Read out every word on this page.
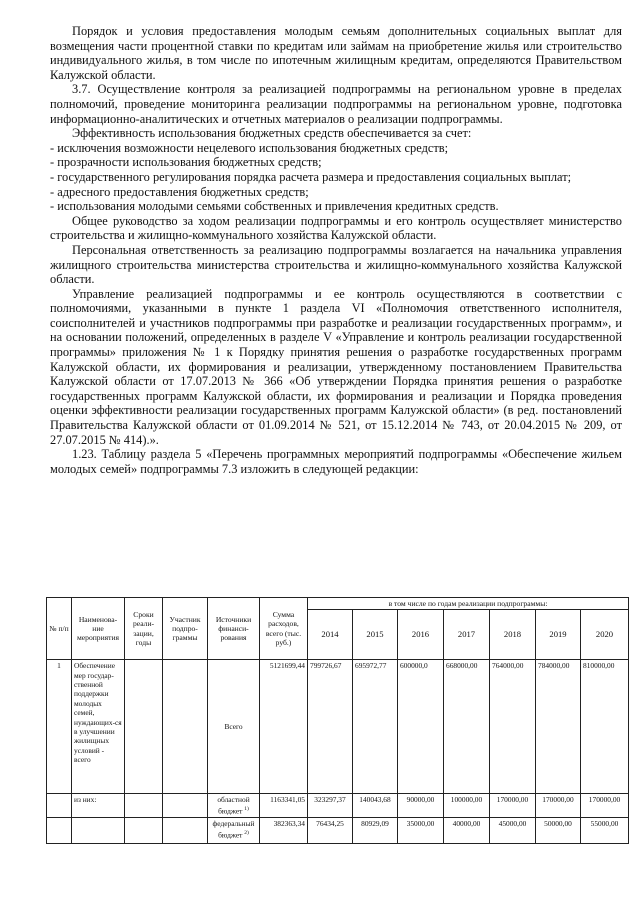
Порядок и условия предоставления молодым семьям дополнительных социальных выплат для возмещения части процентной ставки по кредитам или займам на приобретение жилья или строительство индивидуального жилья, в том числе по ипотечным жилищным кредитам, определяются Правительством Калужской области.

3.7. Осуществление контроля за реализацией подпрограммы на региональном уровне в пределах полномочий, проведение мониторинга реализации подпрограммы на региональном уровне, подготовка информационно-аналитических и отчетных материалов о реализации подпрограммы.

Эффективность использования бюджетных средств обеспечивается за счет:

- исключения возможности нецелевого использования бюджетных средств;

- прозрачности использования бюджетных средств;

- государственного регулирования порядка расчета размера и предоставления социальных выплат;

- адресного предоставления бюджетных средств;

- использования молодыми семьями собственных и привлечения кредитных средств.

Общее руководство за ходом реализации подпрограммы и его контроль осуществляет министерство строительства и жилищно-коммунального хозяйства Калужской области.

Персональная ответственность за реализацию подпрограммы возлагается на начальника управления жилищного строительства министерства строительства и жилищно-коммунального хозяйства Калужской области.

Управление реализацией подпрограммы и ее контроль осуществляются в соответствии с полномочиями, указанными в пункте 1 раздела VI «Полномочия ответственного исполнителя, соисполнителей и участников подпрограммы при разработке и реализации государственных программ», и на основании положений, определенных в разделе V «Управление и контроль реализации государственной программы» приложения № 1 к Порядку принятия решения о разработке государственных программ Калужской области, их формирования и реализации, утвержденному постановлением Правительства Калужской области от 17.07.2013 № 366 «Об утверждении Порядка принятия решения о разработке государственных программ Калужской области, их формирования и реализации и Порядка проведения оценки эффективности реализации государственных программ Калужской области» (в ред. постановлений Правительства Калужской области от 01.09.2014 № 521, от 15.12.2014 № 743, от 20.04.2015 № 209, от 27.07.2015 № 414).».

1.23. Таблицу раздела 5 «Перечень программных мероприятий подпрограммы «Обеспечение жильем молодых семей» подпрограммы 7.3 изложить в следующей редакции:

№ п/п	Наименова-ние мероприятия	Сроки реали-зации, годы	Участник подпро-граммы	Источники финанси-рования	Сумма расходов, всего (тыс. руб.)	в том числе по годам реализации подпрограммы:						
						2014	2015	2016	2017	2018	2019	2020
1	Обеспечение мер государ-ственной поддержки молодых семей, нуждающих-ся в улучшении жилищных условий - всего			Всего	5121699,44	799726,67	695972,77	600000,0	668000,00	764000,00	784000,00	810000,00
	из них:			областной бюджет $^{1)}$	1163341,05	323297,37	140043,68	90000,00	100000,00	170000,00	170000,00	170000,00
				федеральный бюджет $^{2)}$	382363,34	76434,25	80929,09	35000,00	40000,00	45000,00	50000,00	55000,00
